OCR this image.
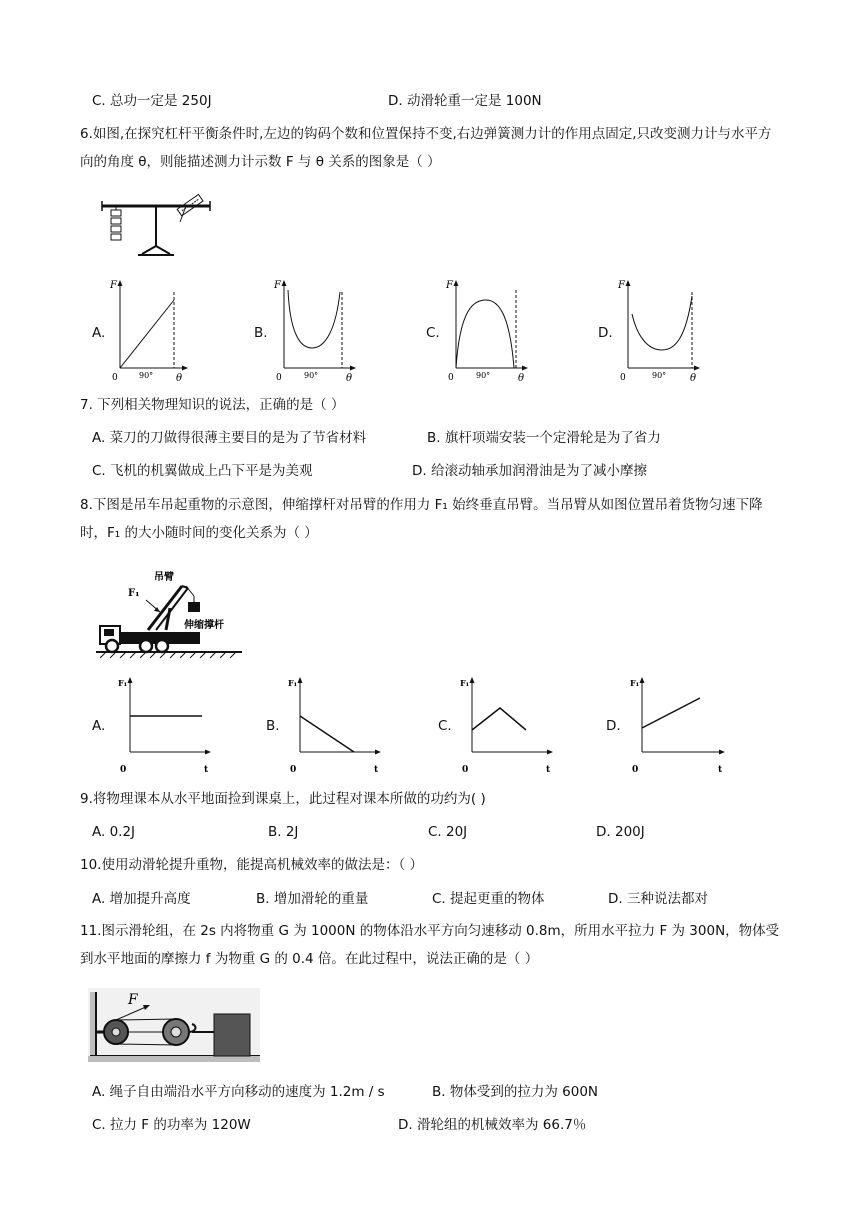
C. 总功一定是 250J	D. 动滑轮重一定是 100N
6.如图,在探究杠杆平衡条件时,左边的钩码个数和位置保持不变,右边弹簧测力计的作用点固定,只改变测力计与水平方向的角度 θ，则能描述测力计示数 F 与 θ 关系的图象是（ ）
A.
F
0	90° θ
B.
F
0	90°	θ
C.
F
0	90°	θ
D.
F
0	90° θ
7. 下列相关物理知识的说法，正确的是（ ）
A. 菜刀的刀做得很薄主要目的是为了节省材料	B. 旗杆项端安装一个定滑轮是为了省力
C. 飞机的机翼做成上凸下平是为美观	D. 给滚动轴承加润滑油是为了减小摩擦
8.下图是吊车吊起重物的示意图，伸缩撑杆对吊臂的作用力 F₁ 始终垂直吊臂。当吊臂从如图位置吊着货物匀速下降时，F₁ 的大小随时间的变化关系为（ ）
F₁
吊臂
伸缩撑杆
A.
F₁
0	t
B.
F₁
0	t
C.
F₁
0	t
D.
F₁
0	t
9.将物理课本从水平地面捡到课桌上，此过程对课本所做的功约为( )
A. 0.2J	B. 2J	C. 20J	D. 200J
10.使用动滑轮提升重物，能提高机械效率的做法是：（ ）
A. 增加提升高度	B. 增加滑轮的重量	C. 提起更重的物体	D. 三种说法都对
11.图示滑轮组，在 2s 内将物重 G 为 1000N 的物体沿水平方向匀速移动 0.8m，所用水平拉力 F 为 300N，物体受到水平地面的摩擦力 f 为物重 G 的 0.4 倍。在此过程中，说法正确的是（ ）
F
A. 绳子自由端沿水平方向移动的速度为 1.2m / s	B. 物体受到的拉力为 600N
C. 拉力 F 的功率为 120W	D. 滑轮组的机械效率为 66.7％
